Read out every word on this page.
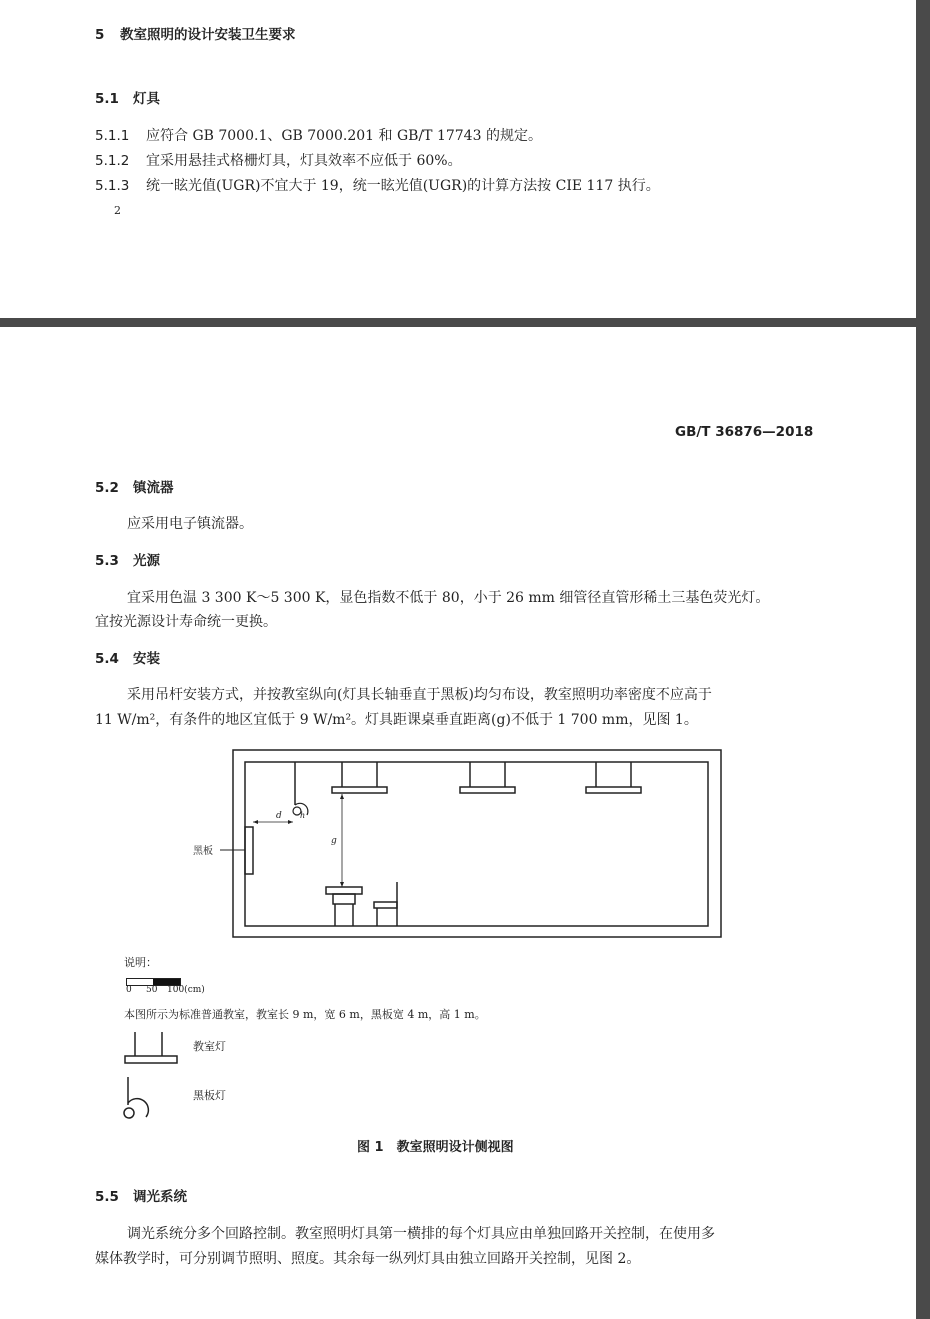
5 教室照明的设计安装卫生要求
5.1 灯具
5.1.1 应符合 GB 7000.1、GB 7000.201 和 GB/T 17743 的规定。
5.1.2 宜采用悬挂式格栅灯具，灯具效率不应低于 60%。
5.1.3 统一眩光值(UGR)不宜大于 19，统一眩光值(UGR)的计算方法按 CIE 117 执行。
2
GB/T 36876—2018
5.2 镇流器
应采用电子镇流器。
5.3 光源
宜采用色温 3 300 K～5 300 K，显色指数不低于 80，小于 26 mm 细管径直管形稀土三基色荧光灯。
宜按光源设计寿命统一更换。
5.4 安装
采用吊杆安装方式，并按教室纵向(灯具长轴垂直于黑板)均匀布设，教室照明功率密度不应高于
11 W/m²，有条件的地区宜低于 9 W/m²。灯具距课桌垂直距离(g)不低于 1 700 mm，见图 1。
黑板
d h
g
说明：
0 50 100(cm)
本图所示为标准普通教室，教室长 9 m，宽 6 m，黑板宽 4 m，高 1 m。
教室灯
黑板灯
图 1　教室照明设计侧视图
5.5 调光系统
调光系统分多个回路控制。教室照明灯具第一横排的每个灯具应由单独回路开关控制，在使用多
媒体教学时，可分别调节照明、照度。其余每一纵列灯具由独立回路开关控制，见图 2。
